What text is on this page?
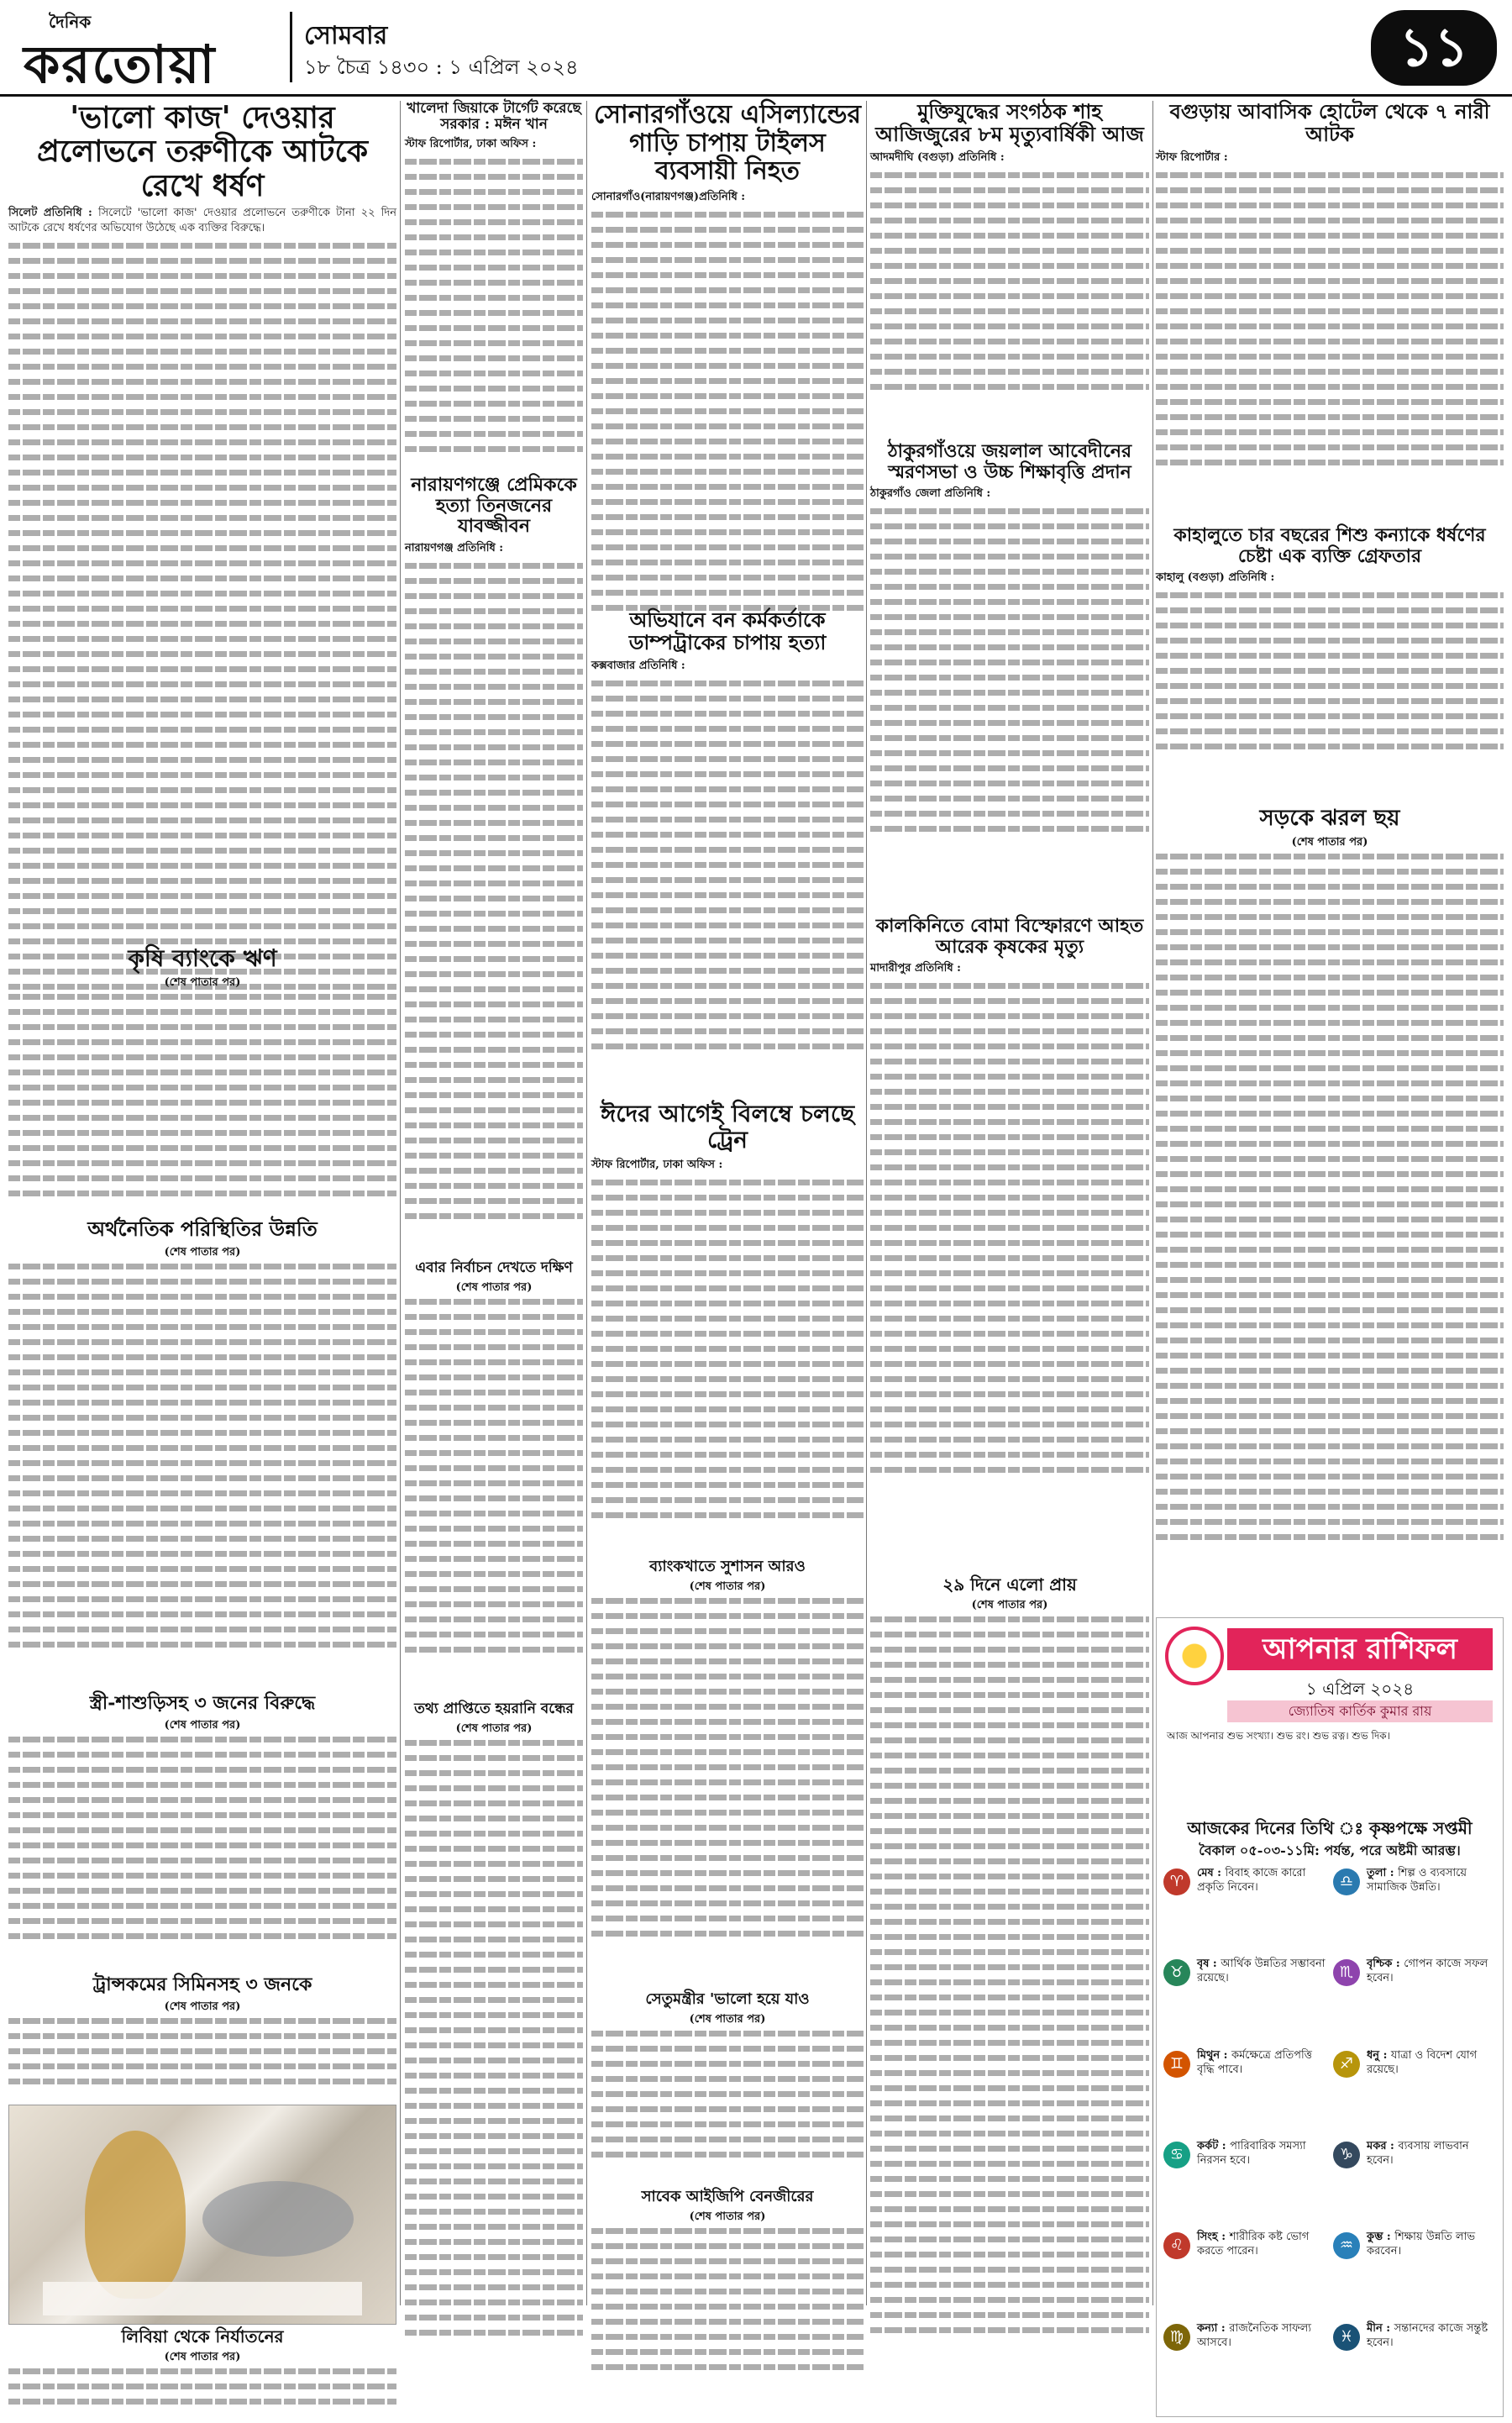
দৈনিক
করতোয়া	সোমবার
১৮ চৈত্র ১৪৩০ : ১ এপ্রিল ২০২৪	১১
'ভালো কাজ' দেওয়ার প্রলোভনে তরুণীকে আটকে রেখে ধর্ষণ
সিলেট প্রতিনিধি : সিলেটে 'ভালো কাজ' দেওয়ার প্রলোভনে তরুণীকে টানা ২২ দিন আটকে রেখে ধর্ষণের অভিযোগ উঠেছে এক ব্যক্তির বিরুদ্ধে।
কৃষি ব্যাংকে ঋণ
(শেষ পাতার পর)
অর্থনৈতিক পরিস্থিতির উন্নতি
(শেষ পাতার পর)
স্ত্রী-শাশুড়িসহ ৩ জনের বিরুদ্ধে
(শেষ পাতার পর)
ট্রান্সকমের সিমিনসহ ৩ জনকে
(শেষ পাতার পর)
লিবিয়া থেকে নির্যাতনের
(শেষ পাতার পর)
খালেদা জিয়াকে টার্গেট করেছে সরকার : মঈন খান
স্টাফ রিপোর্টার, ঢাকা অফিস :
নারায়ণগঞ্জে প্রেমিককে হত্যা তিনজনের যাবজ্জীবন
নারায়ণগঞ্জ প্রতিনিধি :
এবার নির্বাচন দেখতে দক্ষিণ
(শেষ পাতার পর)
তথ্য প্রাপ্তিতে হয়রানি বন্ধের
(শেষ পাতার পর)
সোনারগাঁওয়ে এসিল্যান্ডের গাড়ি চাপায় টাইলস ব্যবসায়ী নিহত
সোনারগাঁও(নারায়ণগঞ্জ)প্রতিনিধি :
অভিযানে বন কর্মকর্তাকে ডাম্পট্রাকের চাপায় হত্যা
কক্সবাজার প্রতিনিধি :
ঈদের আগেই বিলম্বে চলছে ট্রেন
স্টাফ রিপোর্টার, ঢাকা অফিস :
ব্যাংকখাতে সুশাসন আরও
(শেষ পাতার পর)
সেতুমন্ত্রীর 'ভালো হয়ে যাও
(শেষ পাতার পর)
সাবেক আইজিপি বেনজীরের
(শেষ পাতার পর)
মুক্তিযুদ্ধের সংগঠক শাহ আজিজুরের ৮ম মৃত্যুবার্ষিকী আজ
আদমদীঘি (বগুড়া) প্রতিনিধি :
ঠাকুরগাঁওয়ে জয়লাল আবেদীনের স্মরণসভা ও উচ্চ শিক্ষাবৃত্তি প্রদান
ঠাকুরগাঁও জেলা প্রতিনিধি :
কালকিনিতে বোমা বিস্ফোরণে আহত আরেক কৃষকের মৃত্যু
মাদারীপুর প্রতিনিধি :
২৯ দিনে এলো প্রায়
(শেষ পাতার পর)
বগুড়ায় আবাসিক হোটেল থেকে ৭ নারী আটক
স্টাফ রিপোর্টার :
কাহালুতে চার বছরের শিশু কন্যাকে ধর্ষণের চেষ্টা এক ব্যক্তি গ্রেফতার
কাহালু (বগুড়া) প্রতিনিধি :
সড়কে ঝরল ছয়
(শেষ পাতার পর)
আপনার রাশিফল
১ এপ্রিল ২০২৪
জ্যোতিষ কার্তিক কুমার রায়
আজ আপনার শুভ সংখ্যা। শুভ রং। শুভ রত্ন। শুভ দিক।
আজকের দিনের তিথি ঃ কৃষ্ণপক্ষে সপ্তমী
বৈকাল ০৫-০৩-১১মি: পর্যন্ত, পরে অষ্টমী আরম্ভ।
♈	মেষ : বিবাহ কাজে কারো প্রকৃতি নিবেন।	♎	তুলা : শিল্প ও ব্যবসায়ে সামাজিক উন্নতি।
♉	বৃষ : আর্থিক উন্নতির সম্ভাবনা রয়েছে।	♏	বৃশ্চিক : গোপন কাজে সফল হবেন।
♊	মিথুন : কর্মক্ষেত্রে প্রতিপত্তি বৃদ্ধি পাবে।	♐	ধনু : যাত্রা ও বিদেশ যোগ রয়েছে।
♋	কর্কট : পারিবারিক সমস্যা নিরসন হবে।	♑	মকর : ব্যবসায় লাভবান হবেন।
♌	সিংহ : শারীরিক কষ্ট ভোগ করতে পারেন।	♒	কুম্ভ : শিক্ষায় উন্নতি লাভ করবেন।
♍	কন্যা : রাজনৈতিক সাফল্য আসবে।	♓	মীন : সন্তানদের কাজে সন্তুষ্ট হবেন।
